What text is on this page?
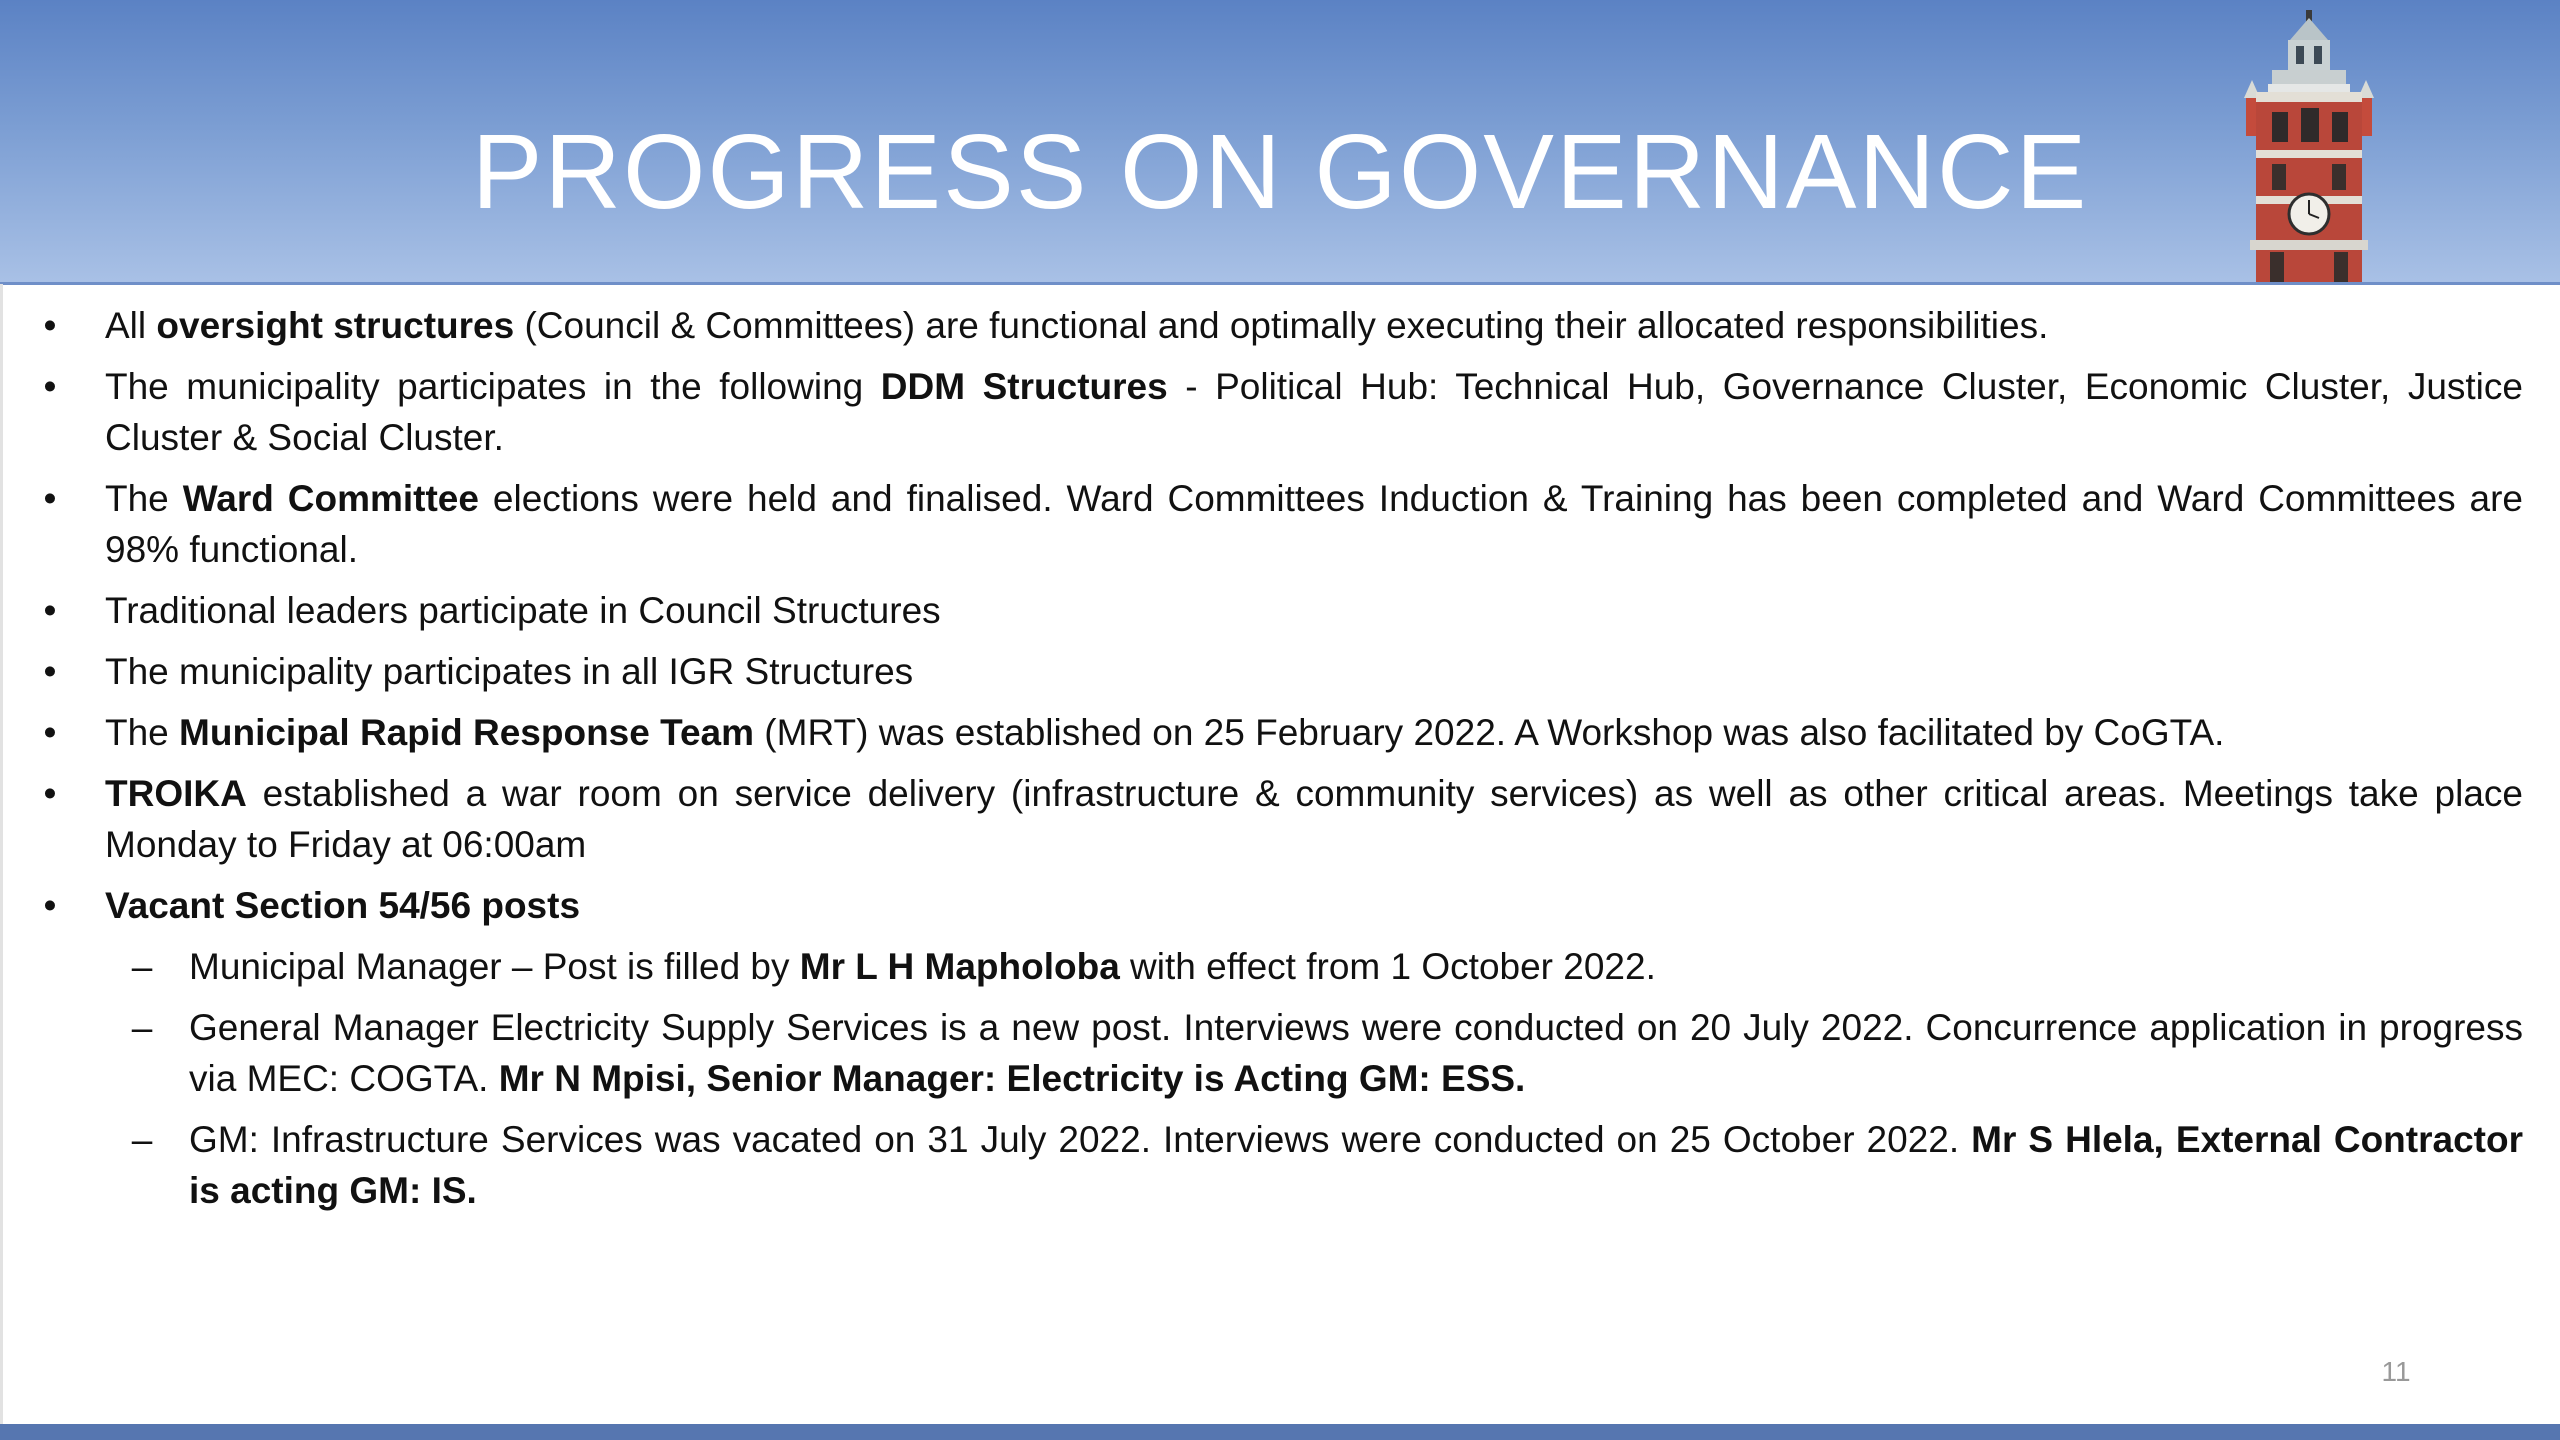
PROGRESS ON GOVERNANCE
• All oversight structures (Council & Committees) are functional and optimally executing their allocated responsibilities.
• The municipality participates in the following DDM Structures - Political Hub: Technical Hub, Governance Cluster, Economic Cluster, Justice Cluster & Social Cluster.
• The Ward Committee elections were held and finalised. Ward Committees Induction & Training has been completed and Ward Committees are 98% functional.
• Traditional leaders participate in Council Structures
• The municipality participates in all IGR Structures
• The Municipal Rapid Response Team (MRT) was established on 25 February 2022. A Workshop was also facilitated by CoGTA.
• TROIKA established a war room on service delivery (infrastructure & community services) as well as other critical areas. Meetings take place Monday to Friday at 06:00am
• Vacant Section 54/56 posts
– Municipal Manager – Post is filled by Mr L H Mapholoba with effect from 1 October 2022.
– General Manager Electricity Supply Services is a new post. Interviews were conducted on 20 July 2022. Concurrence application in progress via MEC: COGTA. Mr N Mpisi, Senior Manager: Electricity is Acting GM: ESS.
– GM: Infrastructure Services was vacated on 31 July 2022. Interviews were conducted on 25 October 2022. Mr S Hlela, External Contractor is acting GM: IS.
11
